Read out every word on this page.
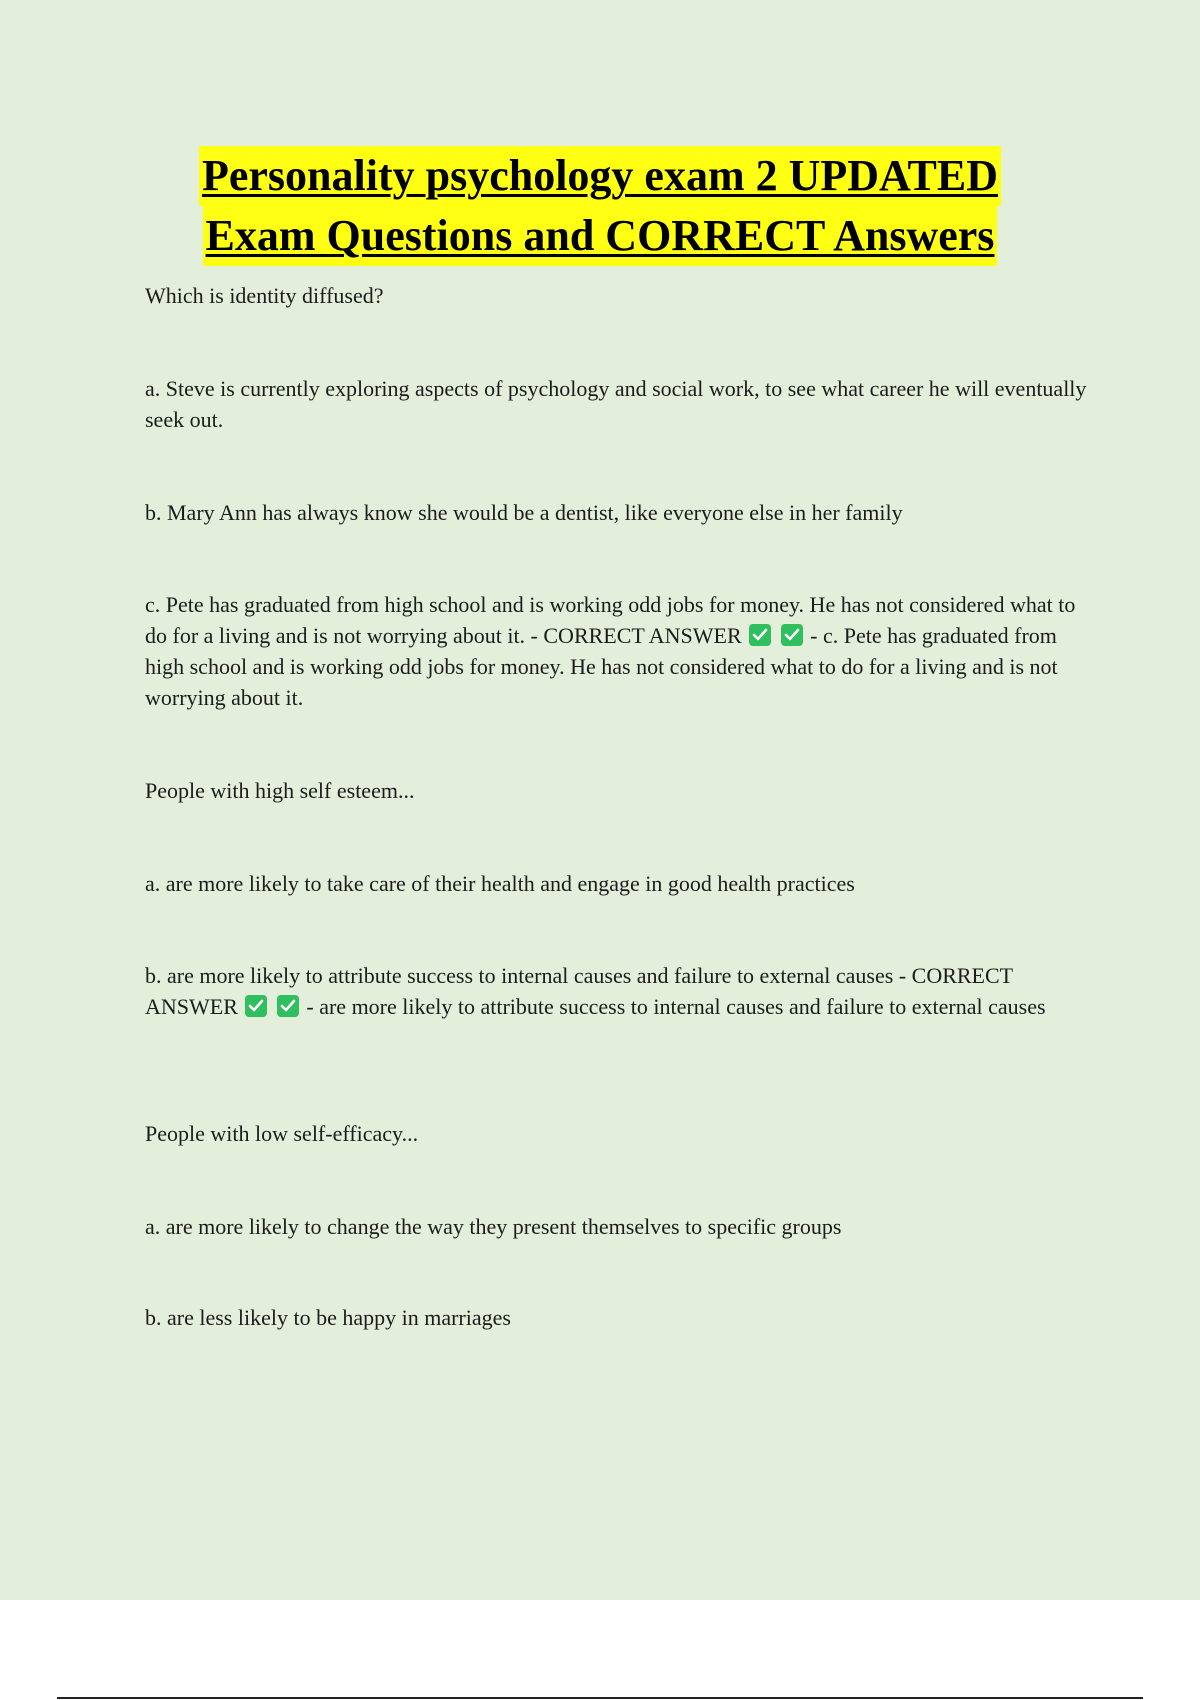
Personality psychology exam 2 UPDATED
Exam Questions and CORRECT Answers

Which is identity diffused?

a. Steve is currently exploring aspects of psychology and social work, to see what career he will eventually seek out.

b. Mary Ann has always know she would be a dentist, like everyone else in her family

c. Pete has graduated from high school and is working odd jobs for money. He has not considered what to do for a living and is not worrying about it. - CORRECT ANSWER
	- c. Pete has graduated from high school and is working odd jobs for money. He has not considered what to do for a living and is not worrying about it.

People with high self esteem...

a. are more likely to take care of their health and engage in good health practices

b. are more likely to attribute success to internal causes and failure to external causes - CORRECT ANSWER
	- are more likely to attribute success to internal causes and failure to external causes

People with low self-efficacy...

a. are more likely to change the way they present themselves to specific groups

b. are less likely to be happy in marriages
